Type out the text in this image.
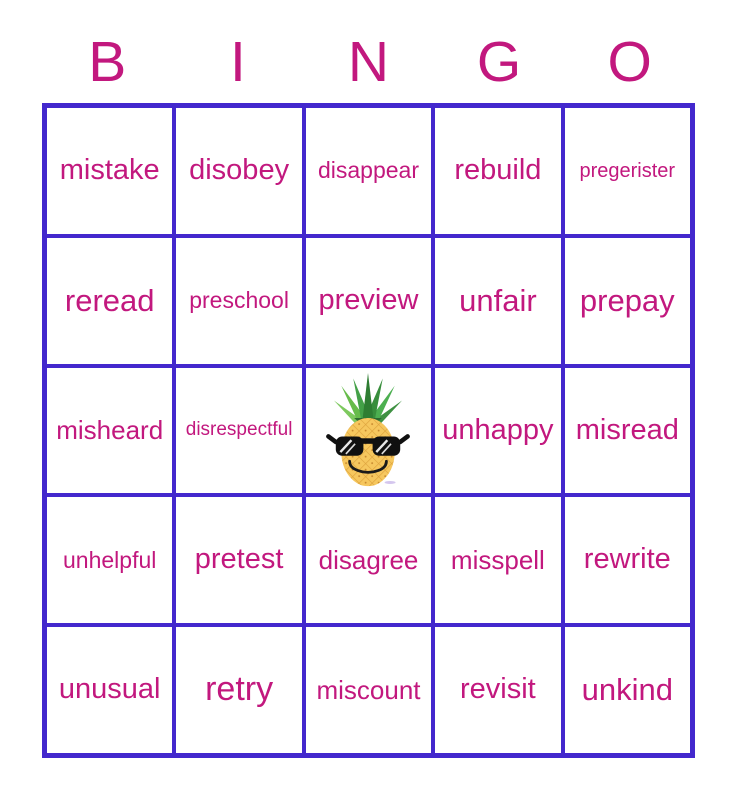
B	I	N	G	O
mistake disobey disappear rebuild pregerister
reread preschool preview unfair prepay
misheard disrespectful	unhappy misread
unhelpful pretest disagree misspell rewrite
unusual retry miscount revisit unkind
